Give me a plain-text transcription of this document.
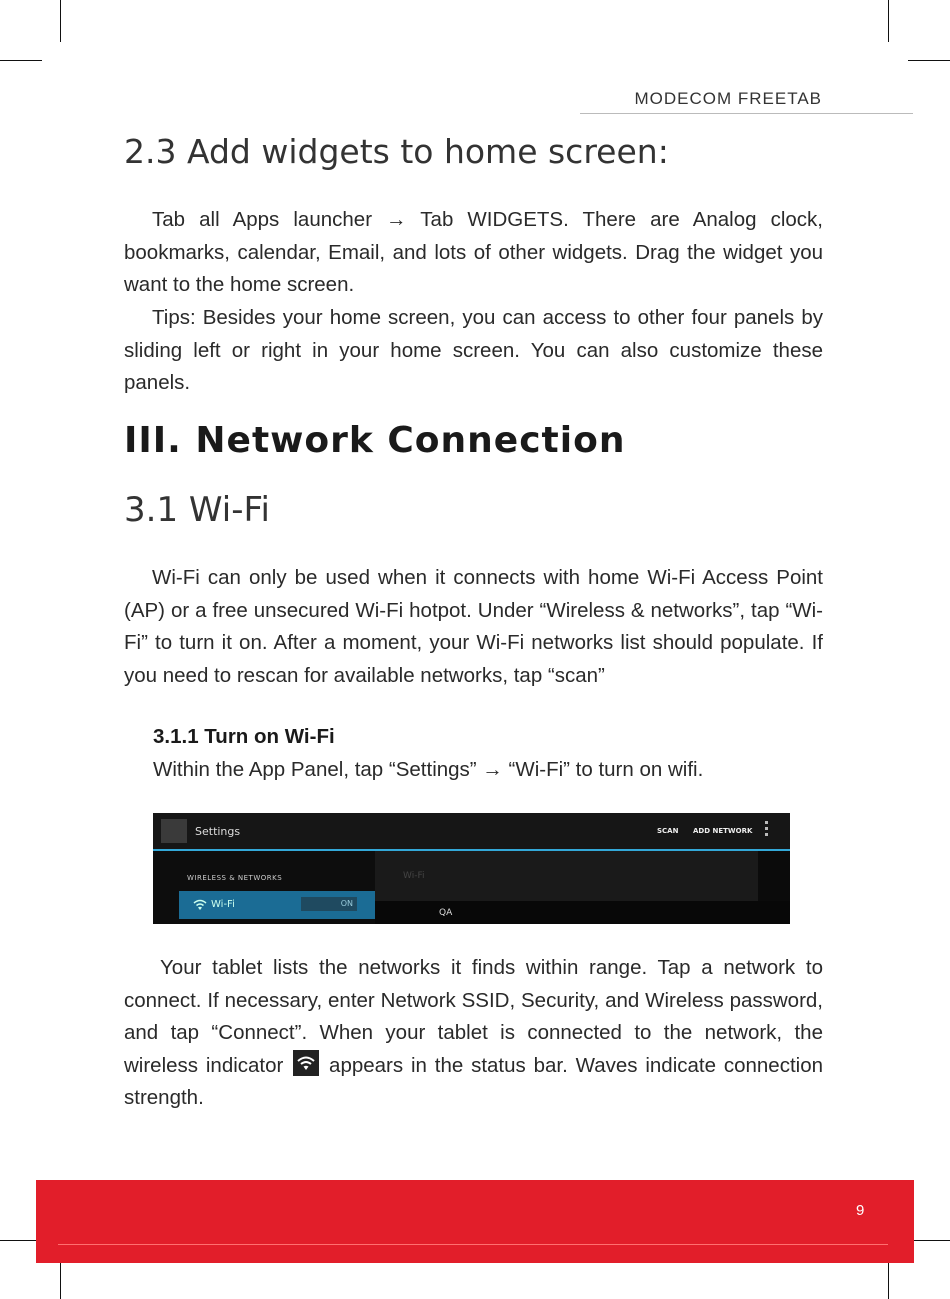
MODECOM FREETAB
2.3 Add widgets to home screen:

Tab all Apps launcher → Tab WIDGETS. There are Analog clock, bookmarks, calendar, Email, and lots of other widgets. Drag the widget you want to the home screen.

Tips: Besides your home screen, you can access to other four panels by sliding left or right in your home screen. You can also customize these panels.

III. Network Connection
3.1 Wi-Fi

Wi-Fi can only be used when it connects with home Wi-Fi Access Point (AP) or a free unsecured Wi-Fi hotpot. Under “Wireless & networks”, tap “Wi-Fi” to turn it on. After a moment, your Wi-Fi networks list should populate. If you need to rescan for available networks, tap “scan”

3.1.1 Turn on Wi-Fi

Within the App Panel, tap “Settings” → “Wi-Fi” to turn on wifi.

Settings	SCAN ADD NETWORK
Wi-Fi
QA
WIRELESS & NETWORKS
Wi-Fi	ON

Your tablet lists the networks it finds within range. Tap a network to connect. If necessary, enter Network SSID, Security, and Wireless password, and tap “Connect”. When your tablet is connected to the network, the wireless indicator appears in the status bar. Waves indicate connection strength.

9
